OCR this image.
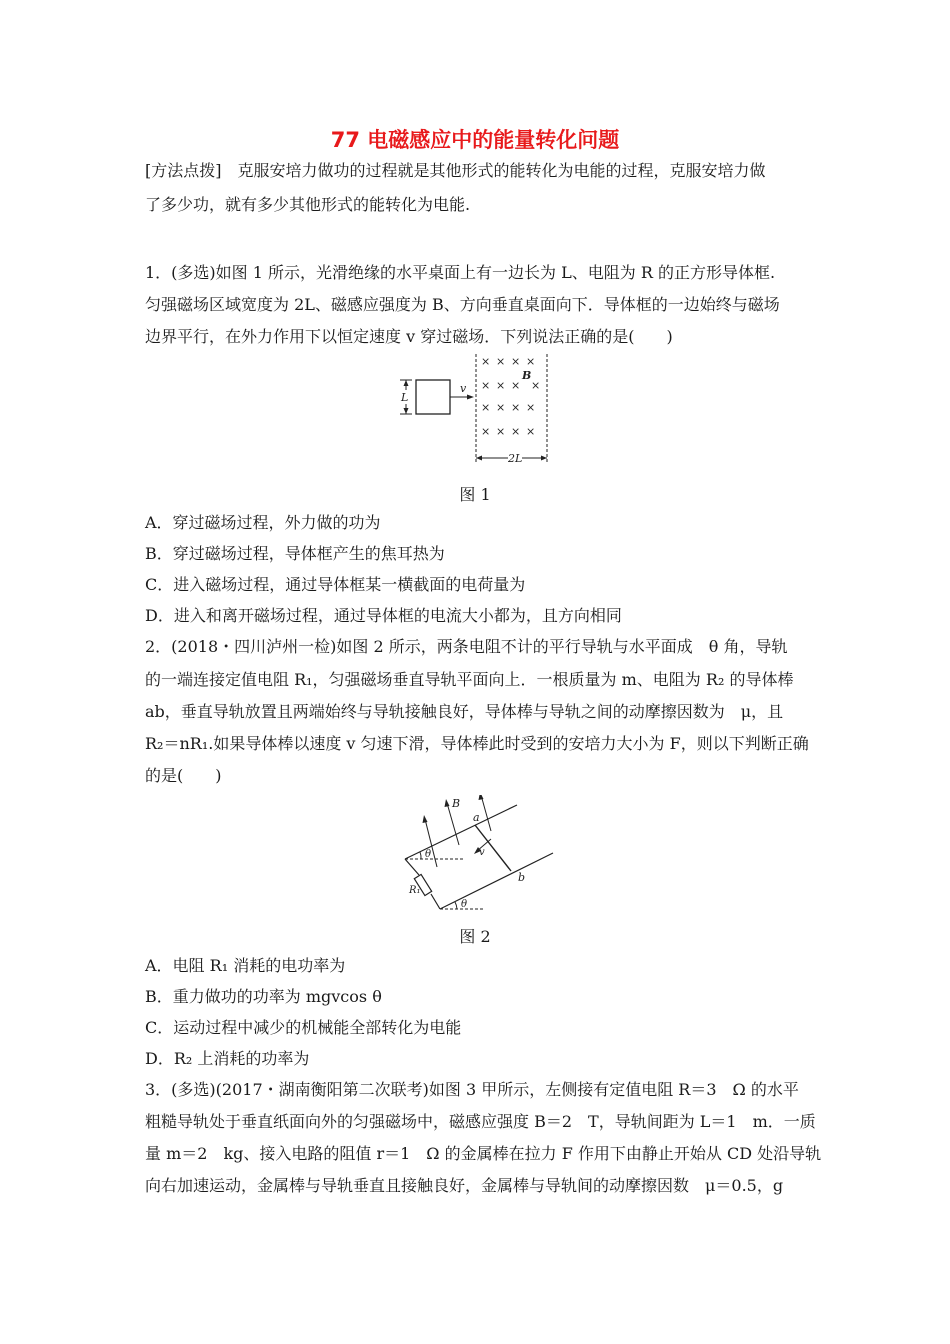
77 电磁感应中的能量转化问题
[方法点拨]　克服安培力做功的过程就是其他形式的能转化为电能的过程，克服安培力做
了多少功，就有多少其他形式的能转化为电能.
1．(多选)如图 1 所示，光滑绝缘的水平桌面上有一边长为 L、电阻为 R 的正方形导体框.
匀强磁场区域宽度为 2L、磁感应强度为 B、方向垂直桌面向下．导体框的一边始终与磁场
边界平行，在外力作用下以恒定速度 v 穿过磁场．下列说法正确的是(　　)
L
v
× × × ×
× × × ×
× × × ×
× × × ×
B
2L
图 1
A．穿过磁场过程，外力做的功为
B．穿过磁场过程，导体框产生的焦耳热为
C．进入磁场过程，通过导体框某一横截面的电荷量为
D．进入和离开磁场过程，通过导体框的电流大小都为，且方向相同
2．(2018・四川泸州一检)如图 2 所示，两条电阻不计的平行导轨与水平面成　θ 角，导轨
的一端连接定值电阻 R₁，匀强磁场垂直导轨平面向上．一根质量为 m、电阻为 R₂ 的导体棒
ab，垂直导轨放置且两端始终与导轨接触良好，导体棒与导轨之间的动摩擦因数为　μ，且
R₂＝nR₁.如果导体棒以速度 v 匀速下滑，导体棒此时受到的安培力大小为 F，则以下判断正确
的是(　　)
R₁
θ
θ
a
b
B
v
图 2
A．电阻 R₁ 消耗的电功率为
B．重力做功的功率为 mgvcos θ
C．运动过程中减少的机械能全部转化为电能
D．R₂ 上消耗的功率为
3．(多选)(2017・湖南衡阳第二次联考)如图 3 甲所示，左侧接有定值电阻 R＝3　Ω 的水平
粗糙导轨处于垂直纸面向外的匀强磁场中，磁感应强度 B＝2　T，导轨间距为 L＝1　m．一质
量 m＝2　kg、接入电路的阻值 r＝1　Ω 的金属棒在拉力 F 作用下由静止开始从 CD 处沿导轨
向右加速运动，金属棒与导轨垂直且接触良好，金属棒与导轨间的动摩擦因数　μ＝0.5，g
